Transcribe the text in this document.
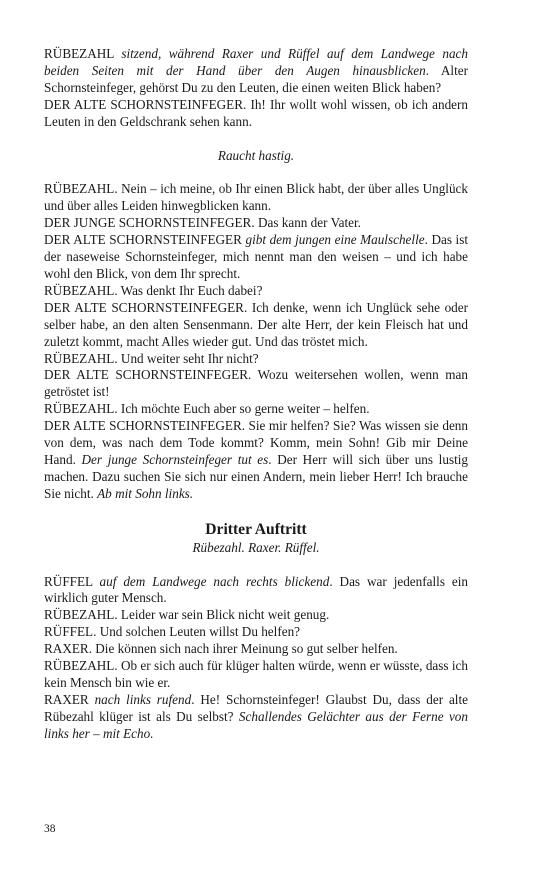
RÜBEZAHL sitzend, während Raxer und Rüffel auf dem Landwege nach beiden Seiten mit der Hand über den Augen hinausblicken. Alter Schornsteinfeger, gehörst Du zu den Leuten, die einen weiten Blick haben?

DER ALTE SCHORNSTEINFEGER. Ih! Ihr wollt wohl wissen, ob ich andern Leuten in den Geldschrank sehen kann.

Raucht hastig.

RÜBEZAHL. Nein – ich meine, ob Ihr einen Blick habt, der über alles Unglück und über alles Leiden hinwegblicken kann.

DER JUNGE SCHORNSTEINFEGER. Das kann der Vater.

DER ALTE SCHORNSTEINFEGER gibt dem jungen eine Maulschelle. Das ist der naseweise Schornsteinfeger, mich nennt man den weisen – und ich habe wohl den Blick, von dem Ihr sprecht.

RÜBEZAHL. Was denkt Ihr Euch dabei?

DER ALTE SCHORNSTEINFEGER. Ich denke, wenn ich Unglück sehe oder selber habe, an den alten Sensenmann. Der alte Herr, der kein Fleisch hat und zuletzt kommt, macht Alles wieder gut. Und das tröstet mich.

RÜBEZAHL. Und weiter seht Ihr nicht?

DER ALTE SCHORNSTEINFEGER. Wozu weitersehen wollen, wenn man getröstet ist!

RÜBEZAHL. Ich möchte Euch aber so gerne weiter – helfen.

DER ALTE SCHORNSTEINFEGER. Sie mir helfen? Sie? Was wissen sie denn von dem, was nach dem Tode kommt? Komm, mein Sohn! Gib mir Deine Hand. Der junge Schornsteinfeger tut es. Der Herr will sich über uns lustig machen. Dazu suchen Sie sich nur einen Andern, mein lieber Herr! Ich brauche Sie nicht. Ab mit Sohn links.

Dritter Auftritt

Rübezahl. Raxer. Rüffel.

RÜFFEL auf dem Landwege nach rechts blickend. Das war jedenfalls ein wirklich guter Mensch.

RÜBEZAHL. Leider war sein Blick nicht weit genug.

RÜFFEL. Und solchen Leuten willst Du helfen?

RAXER. Die können sich nach ihrer Meinung so gut selber helfen.

RÜBEZAHL. Ob er sich auch für klüger halten würde, wenn er wüsste, dass ich kein Mensch bin wie er.

RAXER nach links rufend. He! Schornsteinfeger! Glaubst Du, dass der alte Rübezahl klüger ist als Du selbst? Schallendes Gelächter aus der Ferne von links her – mit Echo.

38
